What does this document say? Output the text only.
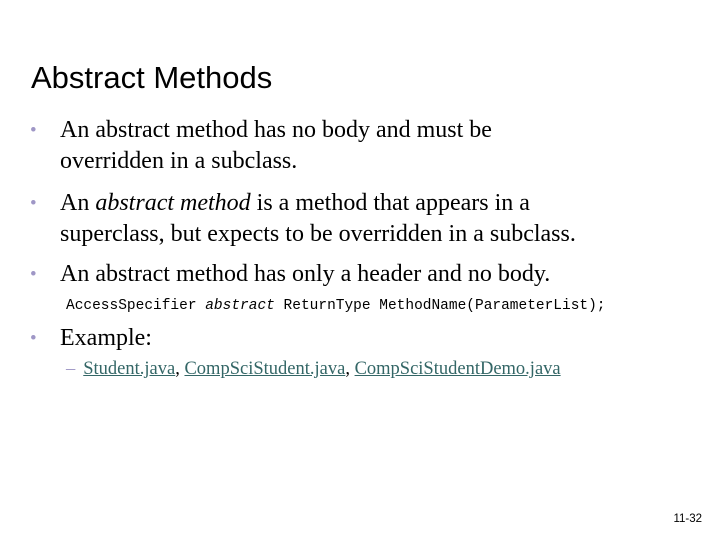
Abstract Methods
• An abstract method has no body and must be
overridden in a subclass.
• An abstract method is a method that appears in a
superclass, but expects to be overridden in a subclass.
• An abstract method has only a header and no body.
• Example:
AccessSpecifier abstract ReturnType MethodName(ParameterList);
– Student.java, CompSciStudent.java, CompSciStudentDemo.java
11-32
